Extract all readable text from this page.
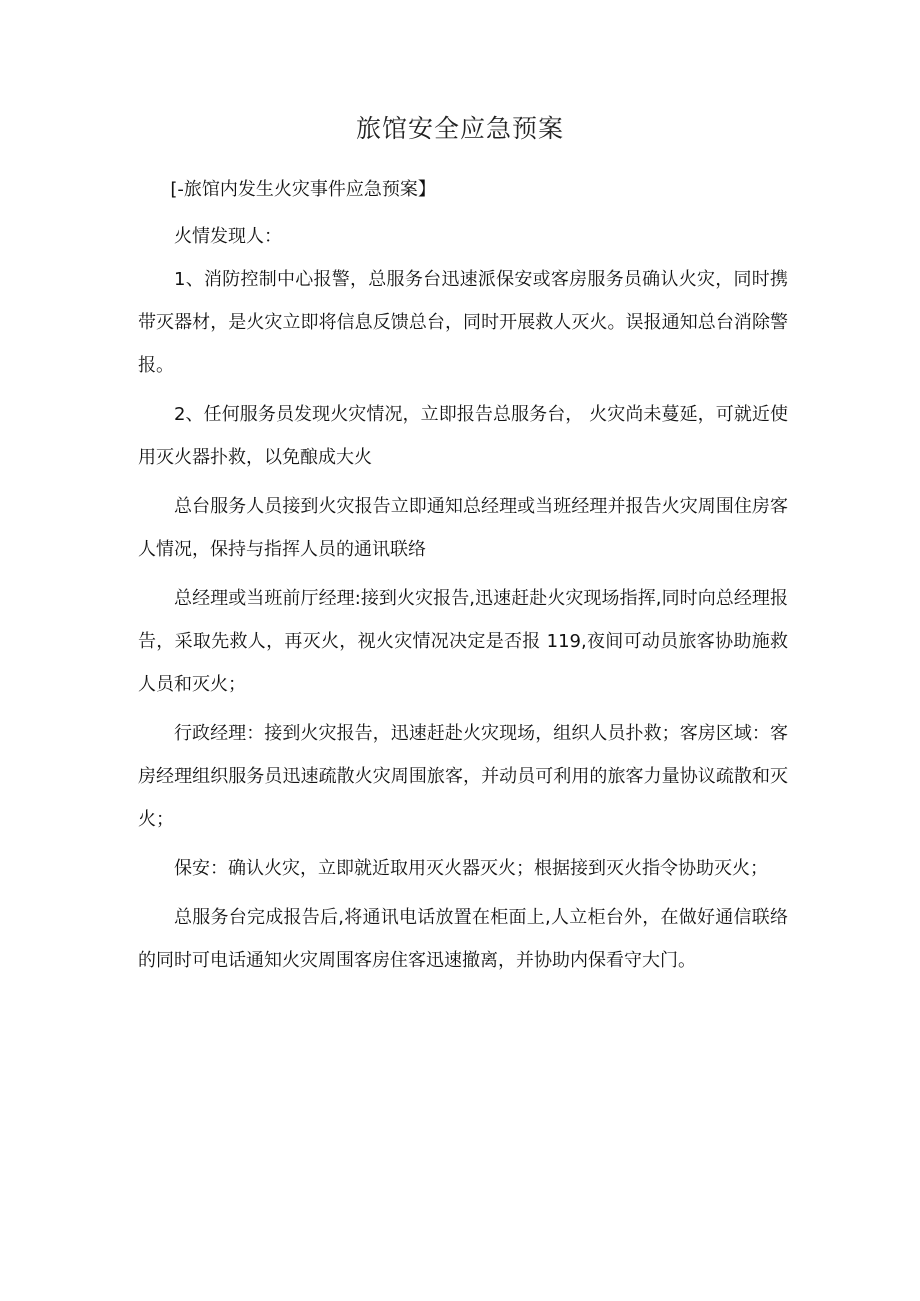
旅馆安全应急预案

[-旅馆内发生火灾事件应急预案】

火情发现人：

1、消防控制中心报警，总服务台迅速派保安或客房服务员确认火灾，同时携带灭器材，是火灾立即将信息反馈总台，同时开展救人灭火。误报通知总台消除警报。

2、任何服务员发现火灾情况，立即报告总服务台， 火灾尚未蔓延，可就近使用灭火器扑救，以免酿成大火

总台服务人员接到火灾报告立即通知总经理或当班经理并报告火灾周围住房客人情况，保持与指挥人员的通讯联络

总经理或当班前厅经理:接到火灾报告,迅速赶赴火灾现场指挥,同时向总经理报告，采取先救人，再灭火，视火灾情况决定是否报 119,夜间可动员旅客协助施救人员和灭火；

行政经理：接到火灾报告，迅速赶赴火灾现场，组织人员扑救；客房区域：客房经理组织服务员迅速疏散火灾周围旅客，并动员可利用的旅客力量协议疏散和灭火；

保安：确认火灾，立即就近取用灭火器灭火；根据接到灭火指令协助灭火；

总服务台完成报告后,将通讯电话放置在柜面上,人立柜台外，在做好通信联络的同时可电话通知火灾周围客房住客迅速撤离，并协助内保看守大门。
